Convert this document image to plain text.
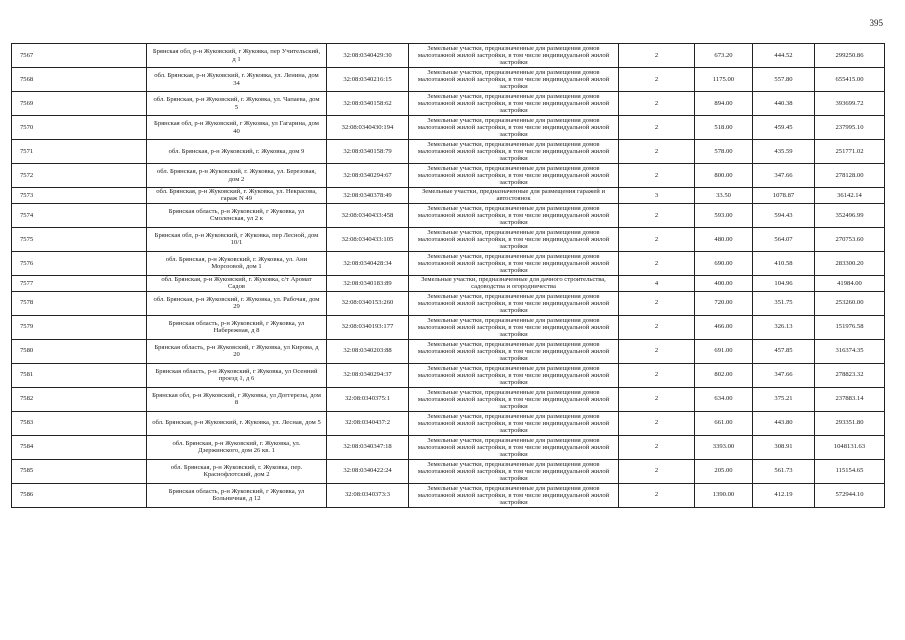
395
7567	Брянская обл, р-н Жуковский, г Жуковка, пер Учительский, д 1	32:08:0340429:30	Земельные участки, предназначенные для размещения домов малоэтажной жилой застройки, в том числе индивидуальной жилой застройки	2	673.20	444.52	299250.86
7568	обл. Брянская, р-н Жуковский, г. Жуковка, ул. Ленина, дом 34	32:08:0340216:15	Земельные участки, предназначенные для размещения домов малоэтажной жилой застройки, в том числе индивидуальной жилой застройки	2	1175.00	557.80	655415.00
7569	обл. Брянская, р-н Жуковский, г. Жуковка, ул. Чапаева, дом 5	32:08:0340158:62	Земельные участки, предназначенные для размещения домов малоэтажной жилой застройки, в том числе индивидуальной жилой застройки	2	894.00	440.38	393699.72
7570	Брянская обл, р-н Жуковский, г Жуковка, ул Гагарина, дом 40	32:08:0340430:194	Земельные участки, предназначенные для размещения домов малоэтажной жилой застройки, в том числе индивидуальной жилой застройки	2	518.00	459.45	237995.10
7571	обл. Брянская, р-н Жуковский, г. Жуковка, дом 9	32:08:0340158:79	Земельные участки, предназначенные для размещения домов малоэтажной жилой застройки, в том числе индивидуальной жилой застройки	2	578.00	435.59	251771.02
7572	обл. Брянская, р-н Жуковский, г. Жуковка, ул. Березовая, дом 2	32:08:0340294:67	Земельные участки, предназначенные для размещения домов малоэтажной жилой застройки, в том числе индивидуальной жилой застройки	2	800.00	347.66	278128.00
7573	обл. Брянская, р-н Жуковский, г. Жуковка, ул. Некрасова, гараж N 49	32:08:0340378:49	Земельные участки, предназначенные для размещения гаражей и автостоянок	3	33.50	1078.87	36142.14
7574	Брянская область, р-н Жуковский, г Жуковка, ул Смоленская, ул 2 к	32:08:0340433:458	Земельные участки, предназначенные для размещения домов малоэтажной жилой застройки, в том числе индивидуальной жилой застройки	2	593.00	594.43	352496.99
7575	Брянская обл, р-н Жуковский, г Жуковка, пер Лесной, дом 10/1	32:08:0340433:105	Земельные участки, предназначенные для размещения домов малоэтажной жилой застройки, в том числе индивидуальной жилой застройки	2	480.00	564.07	270753.60
7576	обл. Брянская, р-н Жуковский, г. Жуковка, ул. Ани Морозовой, дом 1	32:08:0340428:34	Земельные участки, предназначенные для размещения домов малоэтажной жилой застройки, в том числе индивидуальной жилой застройки	2	690.00	410.58	283300.20
7577	обл. Брянская, р-н Жуковский, г. Жуковка, с/т Аромат Садов	32:08:0340183:89	Земельные участки, предназначенные для дачного строительства, садоводства и огородничества	4	400.00	104.96	41984.00
7578	обл. Брянская, р-н Жуковский, г. Жуковка, ул. Рабочая, дом 29	32:08:0340153:260	Земельные участки, предназначенные для размещения домов малоэтажной жилой застройки, в том числе индивидуальной жилой застройки	2	720.00	351.75	253260.00
7579	Брянская область, р-н Жуковский, г Жуковка, ул Набережная, д 8	32:08:0340193:177	Земельные участки, предназначенные для размещения домов малоэтажной жилой застройки, в том числе индивидуальной жилой застройки	2	466.00	326.13	151976.58
7580	Брянская область, р-н Жуковский, г Жуковка, ул Кирова, д 20	32:08:0340203:88	Земельные участки, предназначенные для размещения домов малоэтажной жилой застройки, в том числе индивидуальной жилой застройки	2	691.00	457.85	316374.35
7581	Брянская область, р-н Жуковский, г Жуковка, ул Осенний проезд 1, д 6	32:08:0340294:37	Земельные участки, предназначенные для размещения домов малоэтажной жилой застройки, в том числе индивидуальной жилой застройки	2	802.00	347.66	278823.32
7582	Брянская обл, р-н Жуковский, г Жуковка, ул Доггерезы, дом 8	32:08:0340375:1	Земельные участки, предназначенные для размещения домов малоэтажной жилой застройки, в том числе индивидуальной жилой застройки	2	634.00	375.21	237883.14
7583	обл. Брянская, р-н Жуковский, г. Жуковка, ул. Лесная, дом 5	32:08:0340437:2	Земельные участки, предназначенные для размещения домов малоэтажной жилой застройки, в том числе индивидуальной жилой застройки	2	661.00	443.80	293351.80
7584	обл. Брянская, р-н Жуковский, г. Жуковка, ул. Дзержинского, дом 26 кв. 1	32:08:0340347:18	Земельные участки, предназначенные для размещения домов малоэтажной жилой застройки, в том числе индивидуальной жилой застройки	2	3393.00	308.91	1048131.63
7585	обл. Брянская, р-н Жуковский, г. Жуковка, пер. Краснофлотский, дом 2	32:08:0340422:24	Земельные участки, предназначенные для размещения домов малоэтажной жилой застройки, в том числе индивидуальной жилой застройки	2	205.00	561.73	115154.65
7586	Брянская область, р-н Жуковский, г Жуковка, ул Больничная, д 12	32:08:0340373:3	Земельные участки, предназначенные для размещения домов малоэтажной жилой застройки, в том числе индивидуальной жилой застройки	2	1390.00	412.19	572944.10
